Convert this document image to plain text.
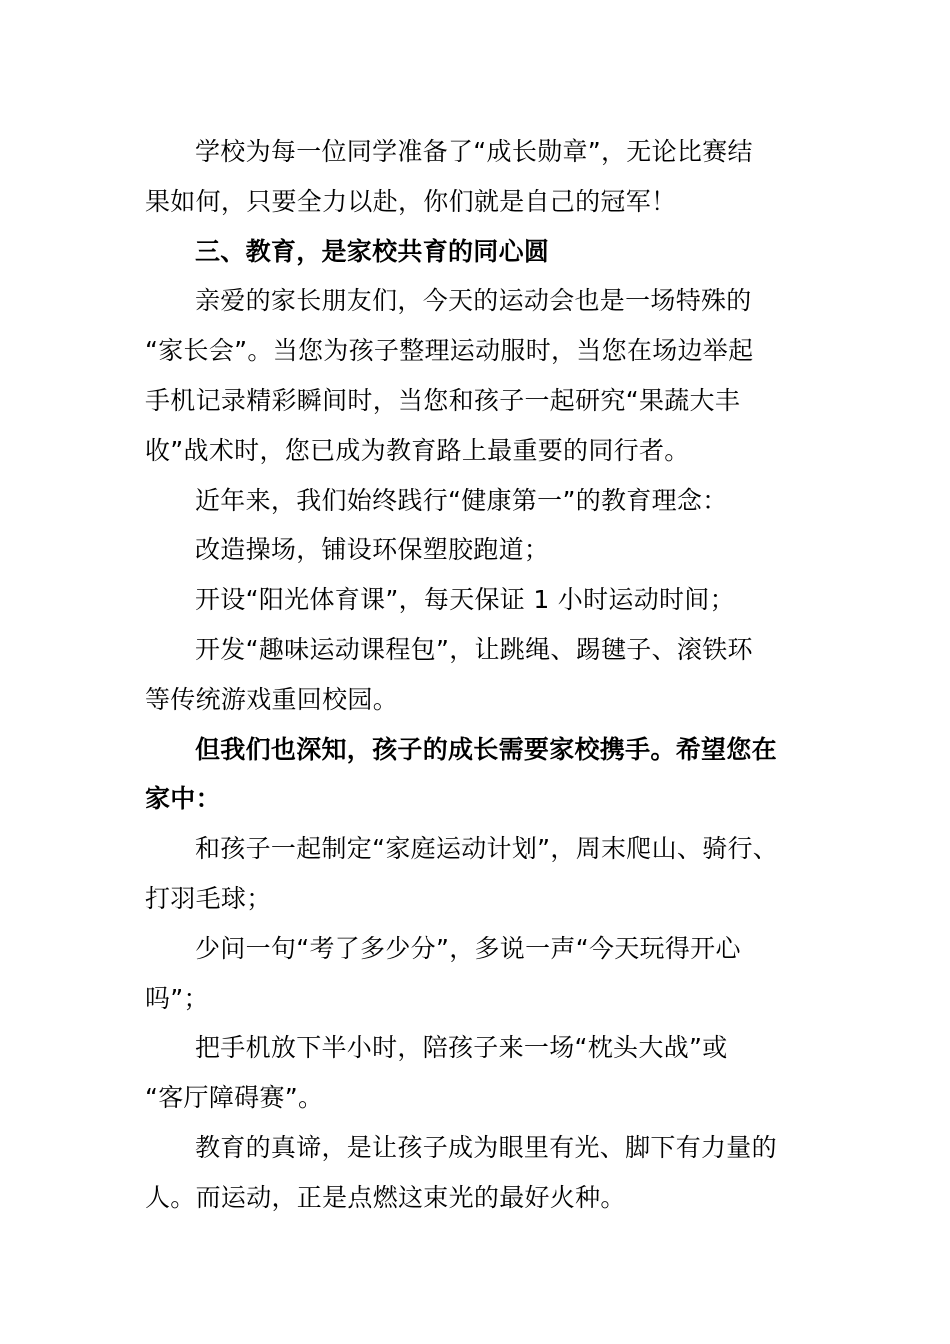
学校为每一位同学准备了“成长勋章”，无论比赛结
果如何，只要全力以赴，你们就是自己的冠军！
三、教育，是家校共育的同心圆
亲爱的家长朋友们，今天的运动会也是一场特殊的
“家长会”。当您为孩子整理运动服时，当您在场边举起
手机记录精彩瞬间时，当您和孩子一起研究“果蔬大丰
收”战术时，您已成为教育路上最重要的同行者。
近年来，我们始终践行“健康第一”的教育理念：
改造操场，铺设环保塑胶跑道；
开设“阳光体育课”，每天保证 1 小时运动时间；
开发“趣味运动课程包”，让跳绳、踢毽子、滚铁环
等传统游戏重回校园。
但我们也深知，孩子的成长需要家校携手。希望您在
家中：
和孩子一起制定“家庭运动计划”，周末爬山、骑行、
打羽毛球；
少问一句“考了多少分”，多说一声“今天玩得开心
吗”；
把手机放下半小时，陪孩子来一场“枕头大战”或
“客厅障碍赛”。
教育的真谛，是让孩子成为眼里有光、脚下有力量的
人。而运动，正是点燃这束光的最好火种。
